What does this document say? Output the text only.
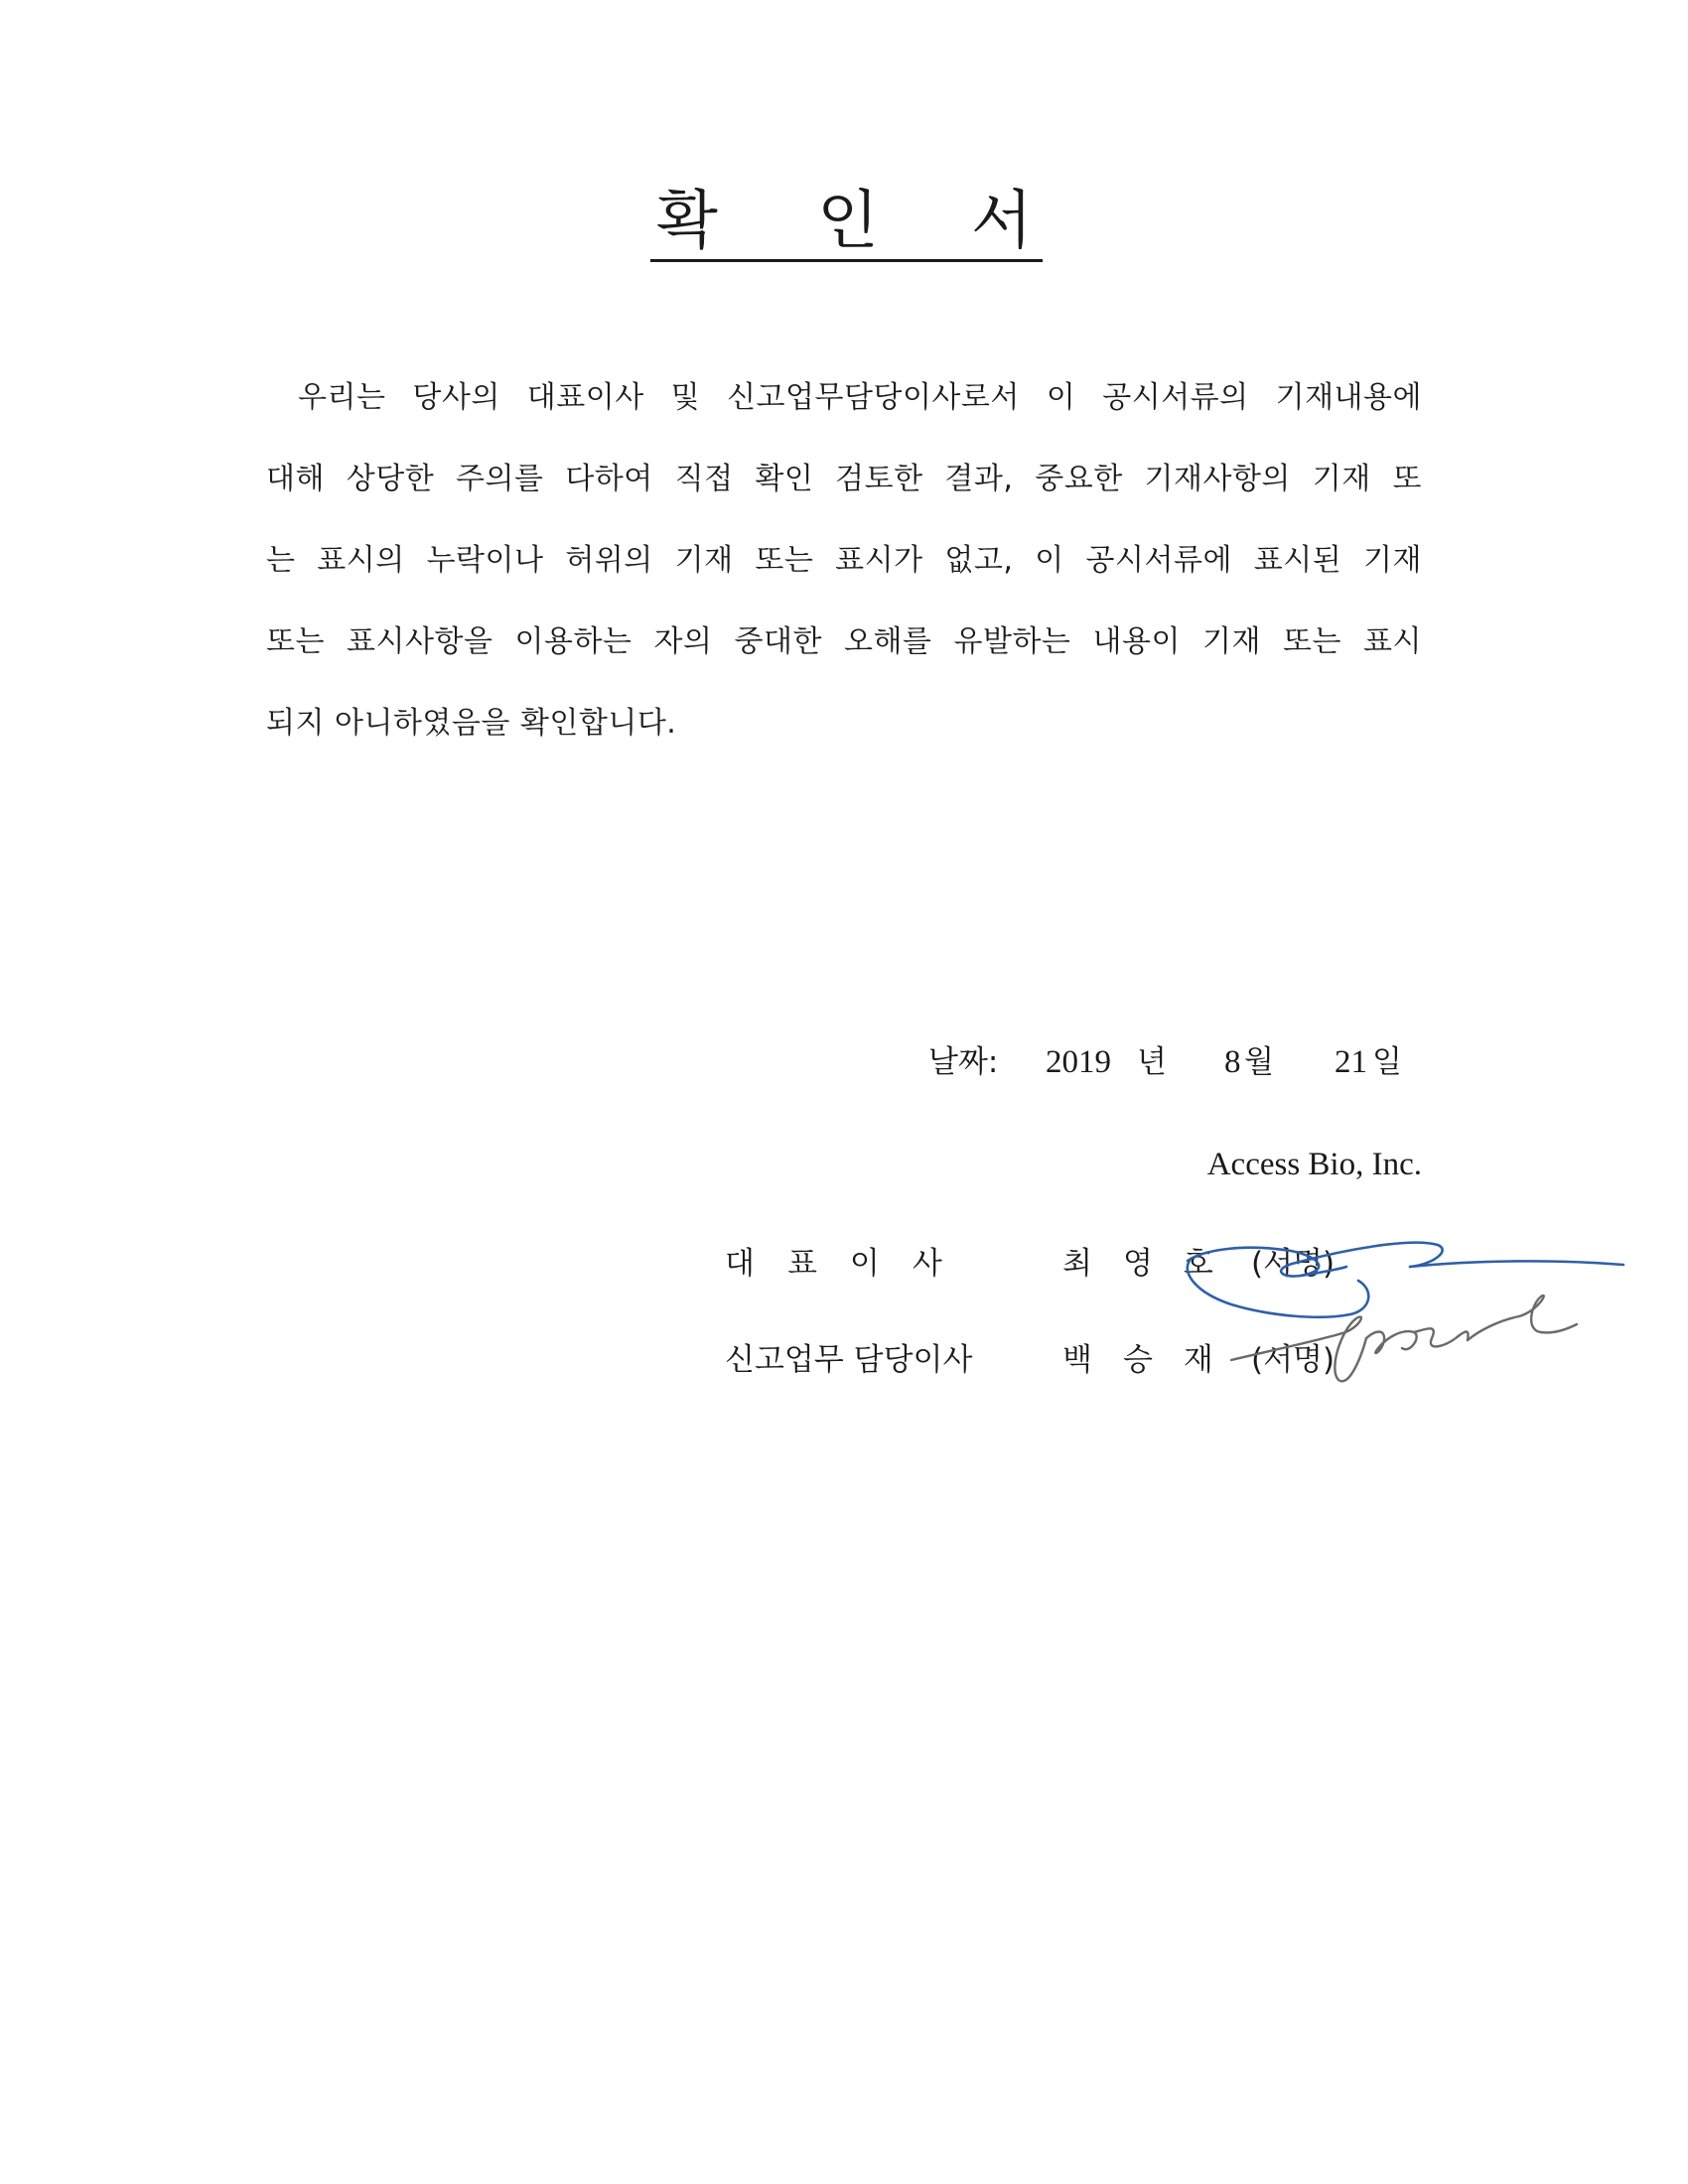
확 인 서
우리는 당사의 대표이사 및 신고업무담당이사로서 이 공시서류의 기재내용에
대해 상당한 주의를 다하여 직접 확인 검토한 결과, 중요한 기재사항의 기재 또
는 표시의 누락이나 허위의 기재 또는 표시가 없고, 이 공시서류에 표시된 기재
또는 표시사항을 이용하는 자의 중대한 오해를 유발하는 내용이 기재 또는 표시
되지 아니하였음을 확인합니다.
날짜: 2019 년 8 월 21 일
Access Bio, Inc.
대표이사	최영호 (서명)
신고업무 담당이사	백승재 (서명)
